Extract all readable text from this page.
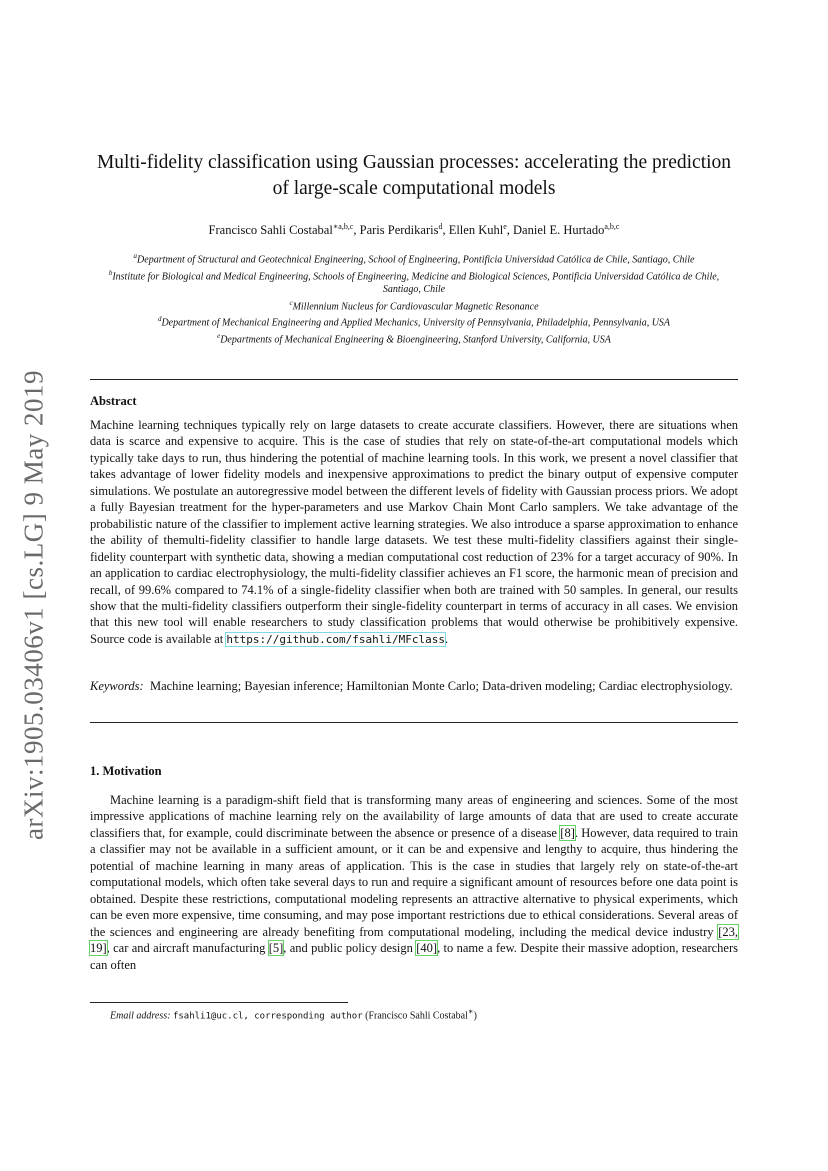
arXiv:1905.03406v1 [cs.LG] 9 May 2019
Multi-fidelity classification using Gaussian processes: accelerating the prediction
of large-scale computational models
Francisco Sahli Costabal$^{∗a,b,c}$, Paris Perdikaris$^d$, Ellen Kuhl$^e$, Daniel E. Hurtado$^{a,b,c}$
$^a$Department of Structural and Geotechnical Engineering, School of Engineering, Pontificia Universidad Católica de Chile, Santiago, Chile
$^b$Institute for Biological and Medical Engineering, Schools of Engineering, Medicine and Biological Sciences, Pontificia Universidad Católica de Chile, Santiago, Chile
$^c$Millennium Nucleus for Cardiovascular Magnetic Resonance
$^d$Department of Mechanical Engineering and Applied Mechanics, University of Pennsylvania, Philadelphia, Pennsylvania, USA
$^e$Departments of Mechanical Engineering & Bioengineering, Stanford University, California, USA
Abstract
Machine learning techniques typically rely on large datasets to create accurate classifiers. However, there are situations when data is scarce and expensive to acquire. This is the case of studies that rely on state-of-the-art computational models which typically take days to run, thus hindering the potential of machine learning tools. In this work, we present a novel classifier that takes advantage of lower fidelity models and inexpensive approximations to predict the binary output of expensive computer simulations. We postulate an autoregressive model between the different levels of fidelity with Gaussian process priors. We adopt a fully Bayesian treatment for the hyper-parameters and use Markov Chain Mont Carlo samplers. We take advantage of the probabilistic nature of the classifier to implement active learning strategies. We also introduce a sparse approximation to enhance the ability of themulti-fidelity classifier to handle large datasets. We test these multi-fidelity classifiers against their single-fidelity counterpart with synthetic data, showing a median computational cost reduction of 23% for a target accuracy of 90%. In an application to cardiac electrophysiology, the multi-fidelity classifier achieves an F1 score, the harmonic mean of precision and recall, of 99.6% compared to 74.1% of a single-fidelity classifier when both are trained with 50 samples. In general, our results show that the multi-fidelity classifiers outperform their single-fidelity counterpart in terms of accuracy in all cases. We envision that this new tool will enable researchers to study classification problems that would otherwise be prohibitively expensive. Source code is available at https://github.com/fsahli/MFclass.
Keywords: Machine learning; Bayesian inference; Hamiltonian Monte Carlo; Data-driven modeling; Cardiac electrophysiology.
1. Motivation
Machine learning is a paradigm-shift field that is transforming many areas of engineering and sciences. Some of the most impressive applications of machine learning rely on the availability of large amounts of data that are used to create accurate classifiers that, for example, could discriminate between the absence or presence of a disease [8]. However, data required to train a classifier may not be available in a sufficient amount, or it can be and expensive and lengthy to acquire, thus hindering the potential of machine learning in many areas of application. This is the case in studies that largely rely on state-of-the-art computational models, which often take several days to run and require a significant amount of resources before one data point is obtained. Despite these restrictions, computational modeling represents an attractive alternative to physical experiments, which can be even more expensive, time consuming, and may pose important restrictions due to ethical considerations. Several areas of the sciences and engineering are already benefiting from computational modeling, including the medical device industry [23, 19], car and aircraft manufacturing [5], and public policy design [40], to name a few. Despite their massive adoption, researchers can often
Email address: fsahli1@uc.cl, corresponding author (Francisco Sahli Costabal∗)
